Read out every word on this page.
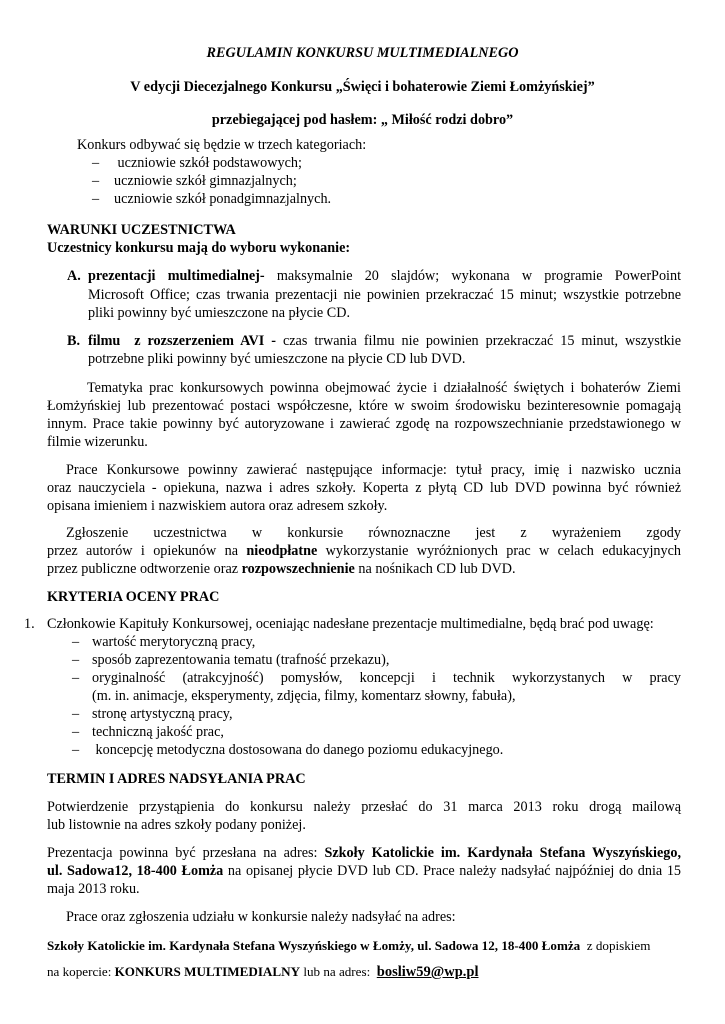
REGULAMIN KONKURSU MULTIMEDIALNEGO
V edycji Diecezjalnego Konkursu „Święci i bohaterowie Ziemi Łomżyńskiej”
przebiegającej pod hasłem: „ Miłość rodzi dobro”
Konkurs odbywać się będzie w trzech kategoriach:
–	uczniowie szkół podstawowych;
–	uczniowie szkół gimnazjalnych;
–	uczniowie szkół ponadgimnazjalnych.
WARUNKI UCZESTNICTWA
Uczestnicy konkursu mają do wyboru wykonanie:
A. prezentacji multimedialnej- maksymalnie 20 slajdów; wykonana w programie PowerPoint
Microsoft Office; czas trwania prezentacji nie powinien przekraczać 15 minut; wszystkie potrzebne
pliki powinny być umieszczone na płycie CD.
B. filmu  z rozszerzeniem AVI - czas trwania filmu nie powinien przekraczać 15 minut, wszystkie
potrzebne pliki powinny być umieszczone na płycie CD lub DVD.
Tematyka prac konkursowych powinna obejmować życie i działalność świętych i bohaterów Ziemi
Łomżyńskiej lub prezentować postaci współczesne, które w swoim środowisku bezinteresownie pomagają
innym. Prace takie powinny być autoryzowane i zawierać zgodę na rozpowszechnianie przedstawionego w
filmie wizerunku.
Prace Konkursowe powinny zawierać następujące informacje: tytuł pracy, imię i nazwisko ucznia
oraz nauczyciela - opiekuna, nazwa i adres szkoły. Koperta z płytą CD lub DVD powinna być również
opisana imieniem i nazwiskiem autora oraz adresem szkoły.
Zgłoszenie uczestnictwa w konkursie równoznaczne jest z wyrażeniem zgody
przez autorów i opiekunów na nieodpłatne wykorzystanie wyróżnionych prac w celach edukacyjnych
przez publiczne odtworzenie oraz rozpowszechnienie na nośnikach CD lub DVD.
KRYTERIA OCENY PRAC
1. Członkowie Kapituły Konkursowej, oceniając nadesłane prezentacje multimedialne, będą brać pod uwagę:
– wartość merytoryczną pracy,
– sposób zaprezentowania tematu (trafność przekazu),
– oryginalność (atrakcyjność) pomysłów, koncepcji i technik wykorzystanych w pracy
(m. in. animacje, eksperymenty, zdjęcia, filmy, komentarz słowny, fabuła),
– stronę artystyczną pracy,
– techniczną jakość prac,
– koncepcję metodyczna dostosowana do danego poziomu edukacyjnego.
TERMIN I ADRES NADSYŁANIA PRAC
Potwierdzenie przystąpienia do konkursu należy przesłać do 31 marca 2013 roku drogą mailową
lub listownie na adres szkoły podany poniżej.
Prezentacja powinna być przesłana na adres: Szkoły Katolickie im. Kardynała Stefana Wyszyńskiego,
ul. Sadowa12, 18-400 Łomża na opisanej płycie DVD lub CD. Prace należy nadsyłać najpóźniej do dnia 15
maja 2013 roku.
Prace oraz zgłoszenia udziału w konkursie należy nadsyłać na adres:
Szkoły Katolickie im. Kardynała Stefana Wyszyńskiego w Łomży, ul. Sadowa 12, 18-400 Łomża z dopiskiem
na kopercie: KONKURS MULTIMEDIALNY lub na adres: bosliw59@wp.pl
